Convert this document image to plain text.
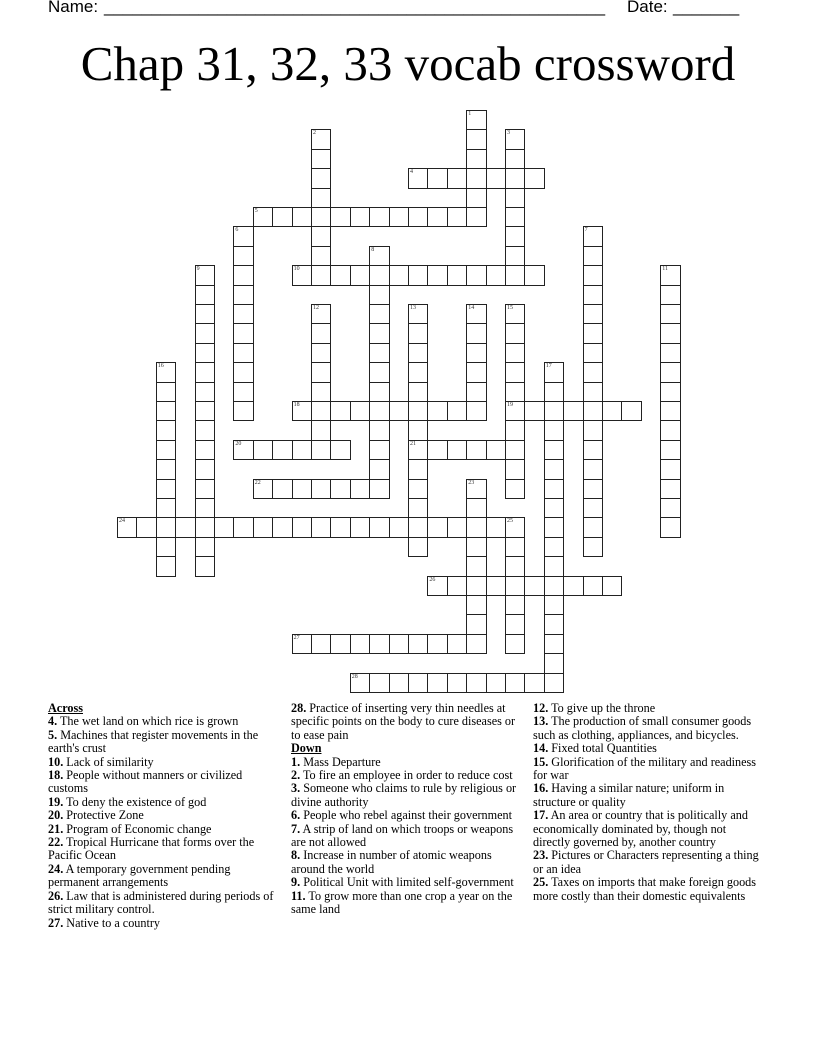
Name:

_____________________________________________________

Date:

_______

Chap 31, 32, 33 vocab crossword
1
2	3
4
5
6	7
8
9	10	11
12	13
21
14	15
19
16	17
18
20
22	23
24	25
26
27
28

Across

4. The wet land on which rice is grown

5. Machines that register movements in the earth's crust

10. Lack of similarity

18. People without manners or civilized customs

19. To deny the existence of god

20. Protective Zone

21. Program of Economic change

22. Tropical Hurricane that forms over the Pacific Ocean

24. A temporary government pending permanent arrangements

26. Law that is administered during periods of strict military control.

27. Native to a country

28. Practice of inserting very thin needles at specific points on the body to cure diseases or to ease pain

Down

1. Mass Departure

2. To fire an employee in order to reduce cost

3. Someone who claims to rule by religious or divine authority

6. People who rebel against their government

7. A strip of land on which troops or weapons are not allowed

8. Increase in number of atomic weapons around the world

9. Political Unit with limited self-government

11. To grow more than one crop a year on the same land

12. To give up the throne

13. The production of small consumer goods such as clothing, appliances, and bicycles.

14. Fixed total Quantities

15. Glorification of the military and readiness for war

16. Having a similar nature; uniform in structure or quality

17. An area or country that is politically and economically dominated by, though not directly governed by, another country

23. Pictures or Characters representing a thing or an idea

25. Taxes on imports that make foreign goods more costly than their domestic equivalents
